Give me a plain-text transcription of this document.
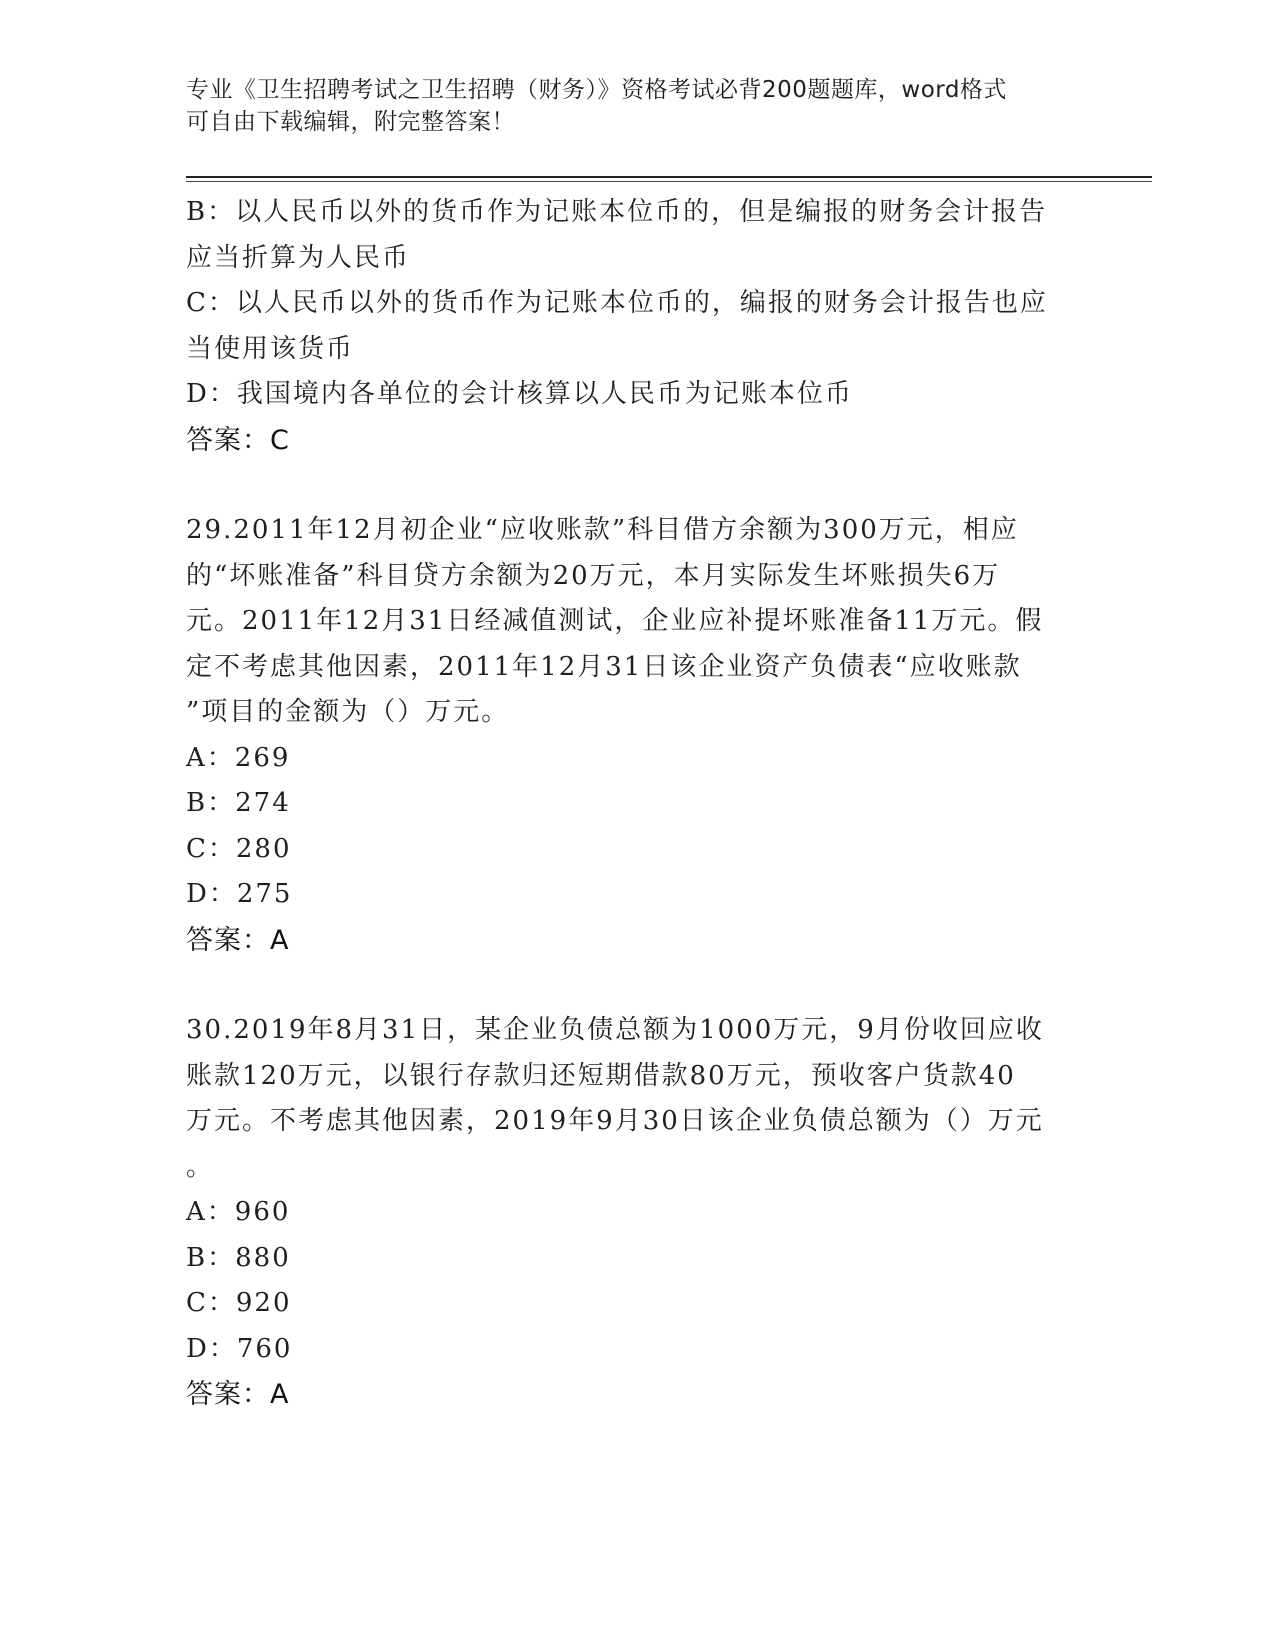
专业《卫生招聘考试之卫生招聘（财务）》资格考试必背200题题库，word格式
可自由下载编辑，附完整答案！
B：以人民币以外的货币作为记账本位币的，但是编报的财务会计报告
应当折算为人民币
C：以人民币以外的货币作为记账本位币的，编报的财务会计报告也应
当使用该货币
D：我国境内各单位的会计核算以人民币为记账本位币
答案：C
29.2011年12月初企业“应收账款”科目借方余额为300万元，相应
的“坏账准备”科目贷方余额为20万元，本月实际发生坏账损失6万
元。2011年12月31日经减值测试，企业应补提坏账准备11万元。假
定不考虑其他因素，2011年12月31日该企业资产负债表“应收账款
”项目的金额为（）万元。
A：269
B：274
C：280
D：275
答案：A
30.2019年8月31日，某企业负债总额为1000万元，9月份收回应收
账款120万元，以银行存款归还短期借款80万元，预收客户货款40
万元。不考虑其他因素，2019年9月30日该企业负债总额为（）万元
。
A：960
B：880
C：920
D：760
答案：A
